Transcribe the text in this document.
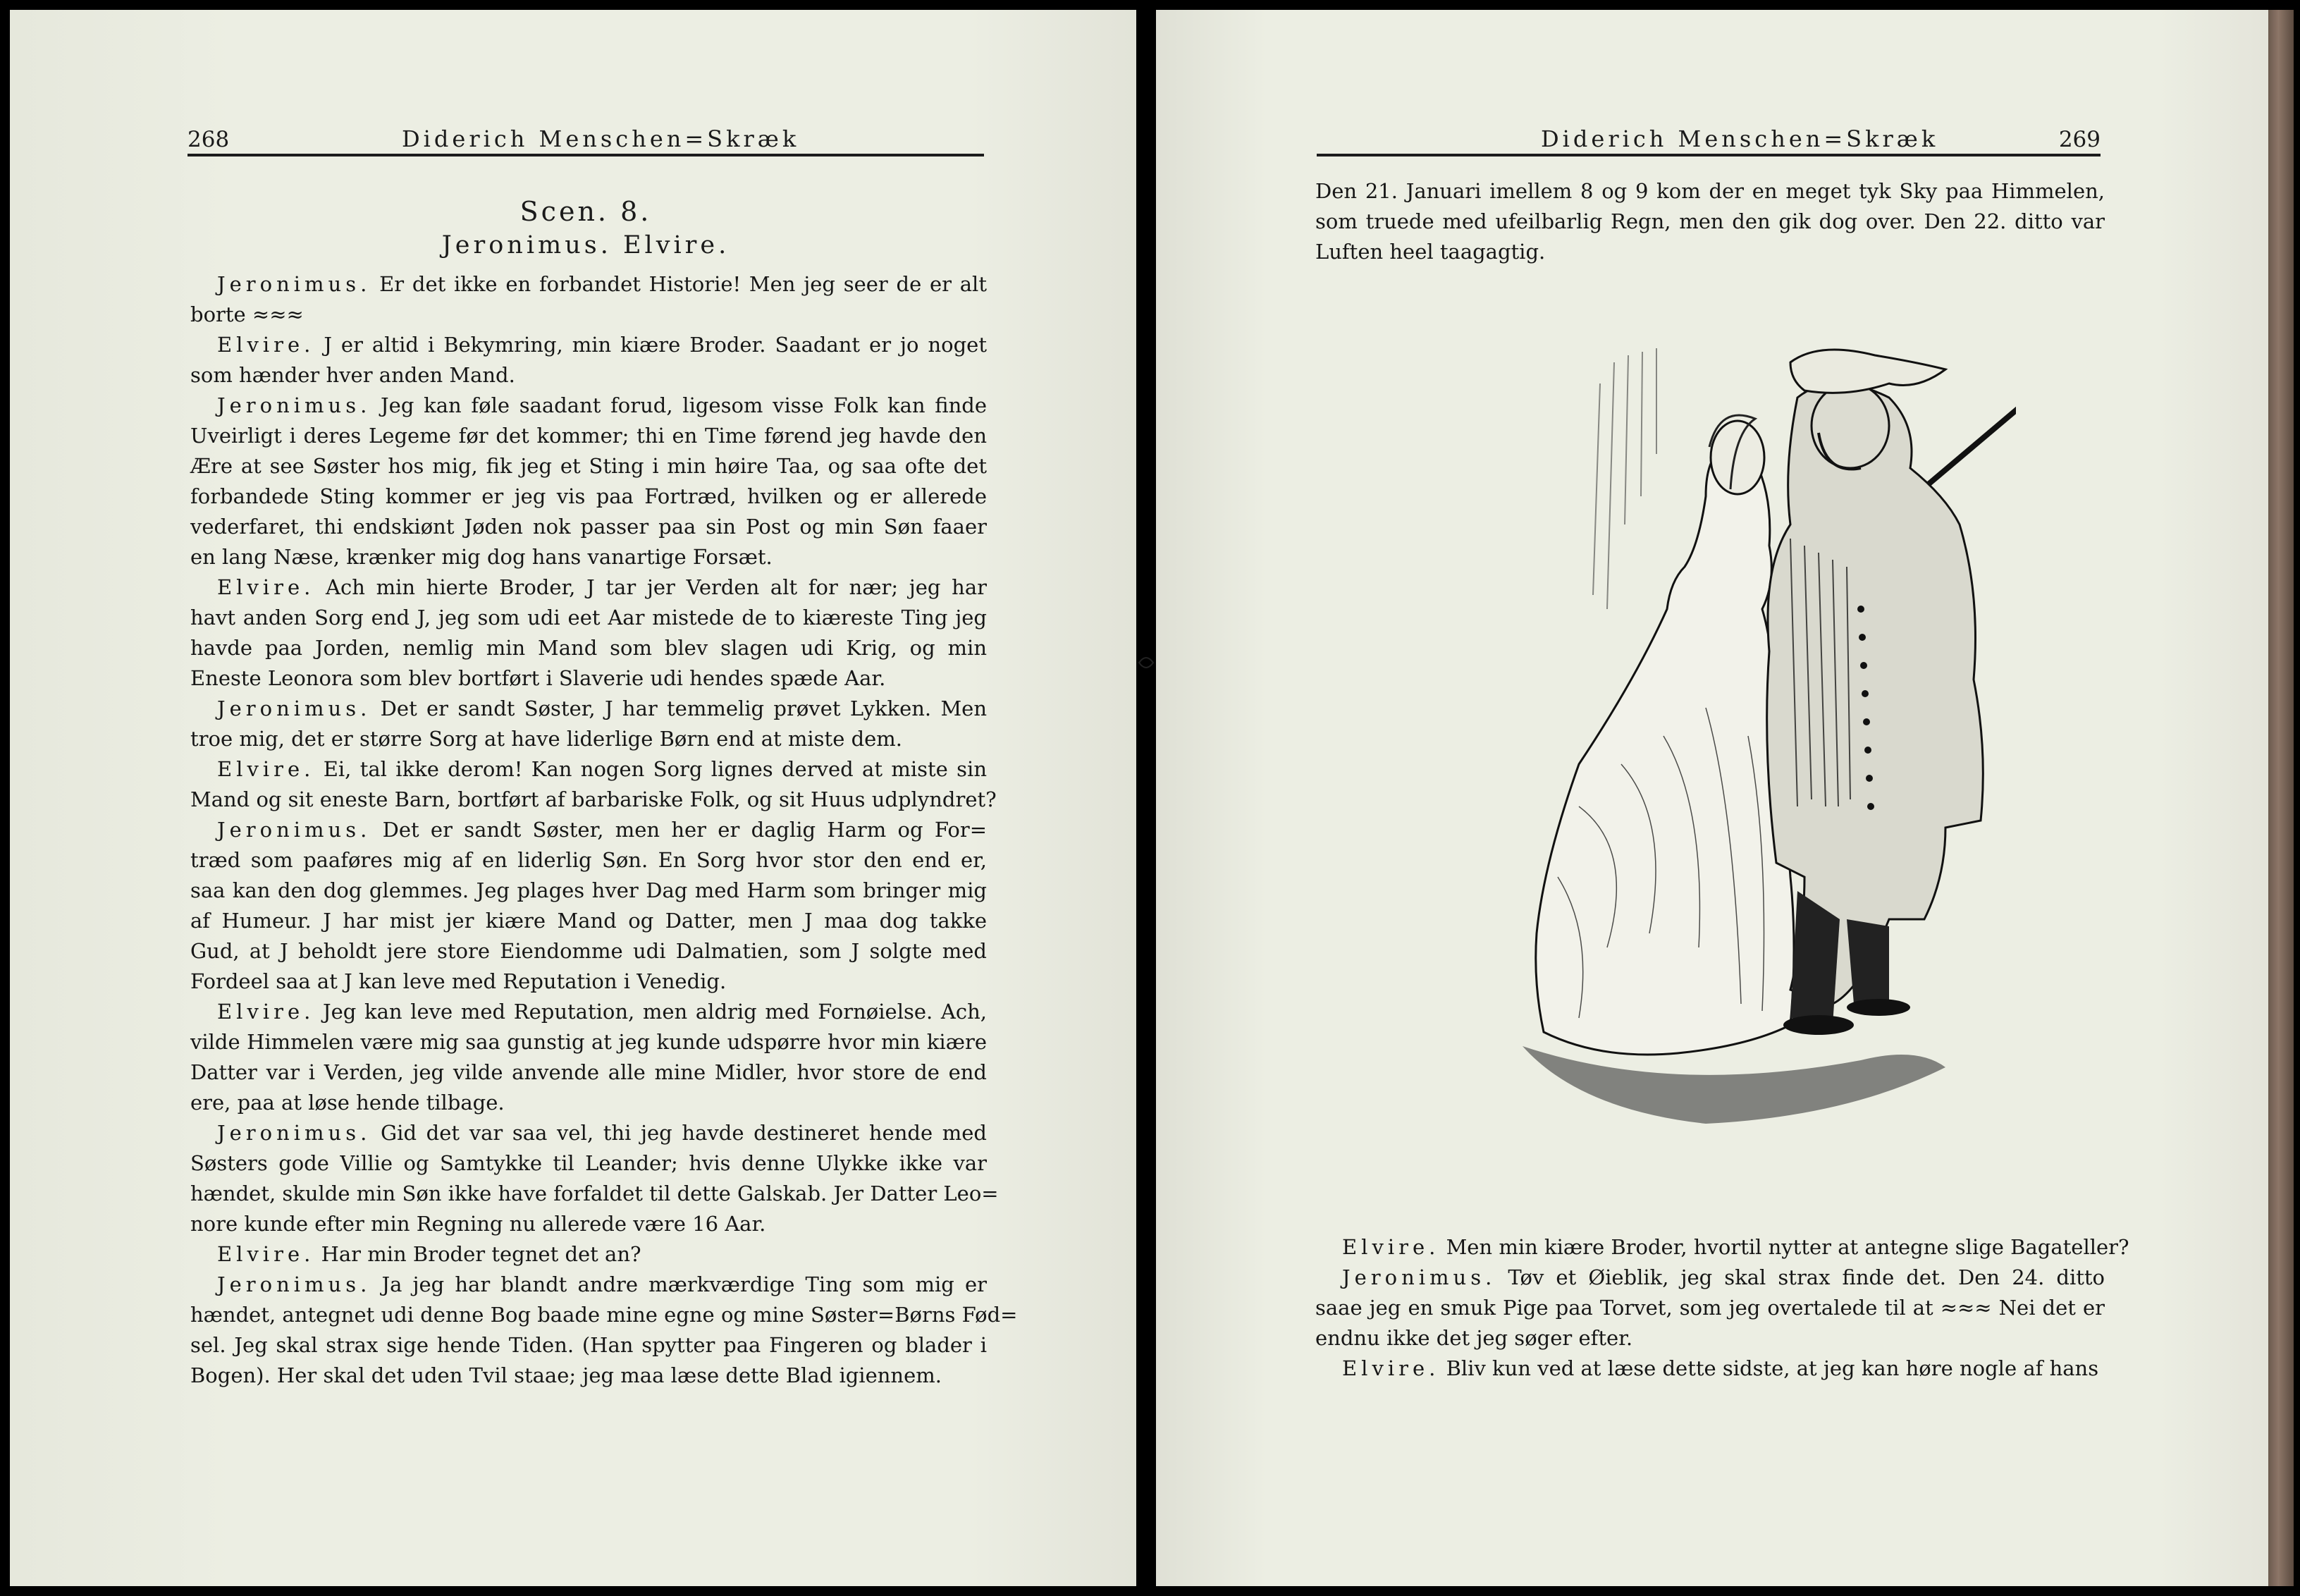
268	Diderich Menschen=Skræk
Scen. 8.
Jeronimus. Elvire.
Jeronimus. Er det ikke en forbandet Historie! Men jeg seer de er alt
borte ≈≈≈
Elvire. J er altid i Bekymring, min kiære Broder. Saadant er jo noget
som hænder hver anden Mand.
Jeronimus. Jeg kan føle saadant forud, ligesom visse Folk kan finde
Uveirligt i deres Legeme før det kommer; thi en Time førend jeg havde den
Ære at see Søster hos mig, fik jeg et Sting i min høire Taa, og saa ofte det
forbandede Sting kommer er jeg vis paa Fortræd, hvilken og er allerede
vederfaret, thi endskiønt Jøden nok passer paa sin Post og min Søn faaer
en lang Næse, krænker mig dog hans vanartige Forsæt.
Elvire. Ach min hierte Broder, J tar jer Verden alt for nær; jeg har
havt anden Sorg end J, jeg som udi eet Aar mistede de to kiæreste Ting jeg
havde paa Jorden, nemlig min Mand som blev slagen udi Krig, og min
Eneste Leonora som blev bortført i Slaverie udi hendes spæde Aar.
Jeronimus. Det er sandt Søster, J har temmelig prøvet Lykken. Men
troe mig, det er større Sorg at have liderlige Børn end at miste dem.
Elvire. Ei, tal ikke derom! Kan nogen Sorg lignes derved at miste sin
Mand og sit eneste Barn, bortført af barbariske Folk, og sit Huus udplyndret?
Jeronimus. Det er sandt Søster, men her er daglig Harm og For=
træd som paaføres mig af en liderlig Søn. En Sorg hvor stor den end er,
saa kan den dog glemmes. Jeg plages hver Dag med Harm som bringer mig
af Humeur. J har mist jer kiære Mand og Datter, men J maa dog takke
Gud, at J beholdt jere store Eiendomme udi Dalmatien, som J solgte med
Fordeel saa at J kan leve med Reputation i Venedig.
Elvire. Jeg kan leve med Reputation, men aldrig med Fornøielse. Ach,
vilde Himmelen være mig saa gunstig at jeg kunde udspørre hvor min kiære
Datter var i Verden, jeg vilde anvende alle mine Midler, hvor store de end
ere, paa at løse hende tilbage.
Jeronimus. Gid det var saa vel, thi jeg havde destineret hende med
Søsters gode Villie og Samtykke til Leander; hvis denne Ulykke ikke var
hændet, skulde min Søn ikke have forfaldet til dette Galskab. Jer Datter Leo=
nore kunde efter min Regning nu allerede være 16 Aar.
Elvire. Har min Broder tegnet det an?
Jeronimus. Ja jeg har blandt andre mærkværdige Ting som mig er
hændet, antegnet udi denne Bog baade mine egne og mine Søster=Børns Fød=
sel. Jeg skal strax sige hende Tiden. (Han spytter paa Fingeren og blader i
Bogen). Her skal det uden Tvil staae; jeg maa læse dette Blad igiennem.
Diderich Menschen=Skræk	269
Den 21. Januari imellem 8 og 9 kom der en meget tyk Sky paa Himmelen,
som truede med ufeilbarlig Regn, men den gik dog over. Den 22. ditto var
Luften heel taagagtig.
Elvire. Men min kiære Broder, hvortil nytter at antegne slige Bagateller?
Jeronimus. Tøv et Øieblik, jeg skal strax finde det. Den 24. ditto
saae jeg en smuk Pige paa Torvet, som jeg overtalede til at ≈≈≈ Nei det er
endnu ikke det jeg søger efter.
Elvire. Bliv kun ved at læse dette sidste, at jeg kan høre nogle af hans
